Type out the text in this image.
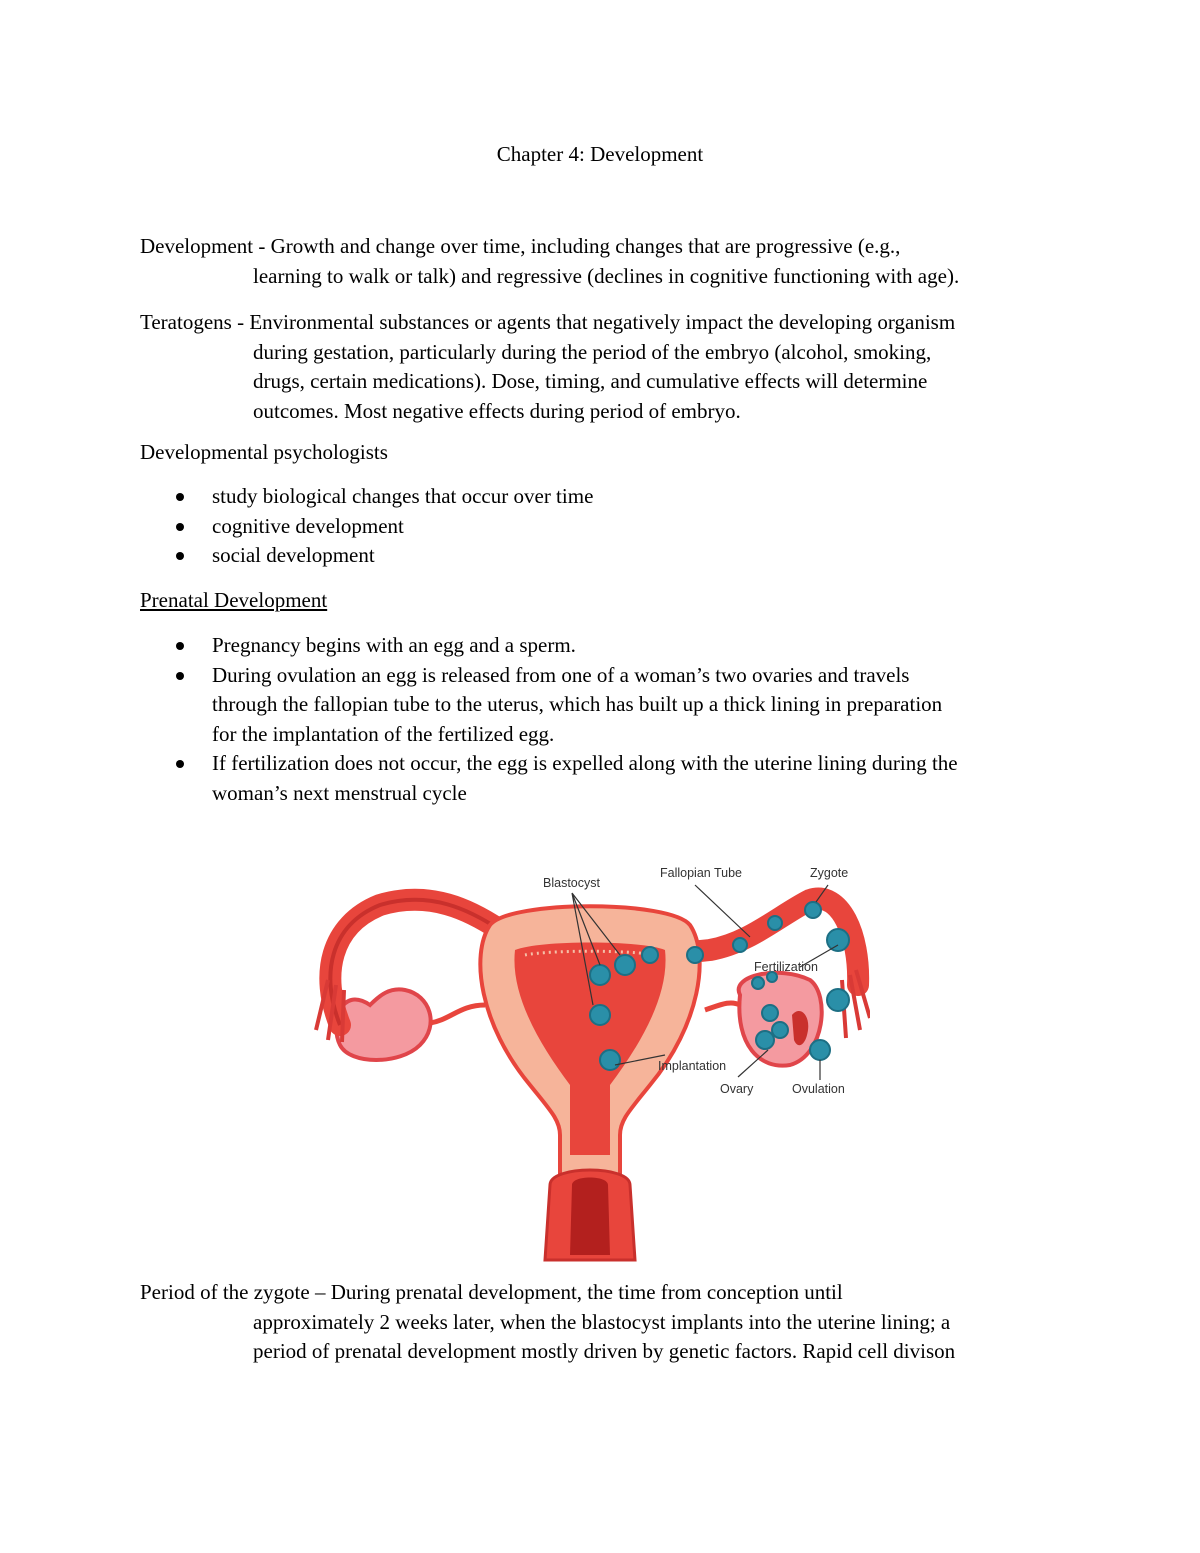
Chapter 4: Development
Development - Growth and change over time, including changes that are progressive (e.g.,
learning to walk or talk) and regressive (declines in cognitive functioning with age).
Teratogens - Environmental substances or agents that negatively impact the developing organism
during gestation, particularly during the period of the embryo (alcohol, smoking,
drugs, certain medications). Dose, timing, and cumulative effects will determine
outcomes. Most negative effects during period of embryo.
Developmental psychologists
study biological changes that occur over time
cognitive development
social development
Prenatal Development
Pregnancy begins with an egg and a sperm.
During ovulation an egg is released from one of a woman’s two ovaries and travels
through the fallopian tube to the uterus, which has built up a thick lining in preparation
for the implantation of the fertilized egg.
If fertilization does not occur, the egg is expelled along with the uterine lining during the
woman’s next menstrual cycle
Blastocyst
Fallopian Tube	Zygote
Fertilization
Implantation
Ovary	Ovulation
Period of the zygote – During prenatal development, the time from conception until
approximately 2 weeks later, when the blastocyst implants into the uterine lining; a
period of prenatal development mostly driven by genetic factors. Rapid cell divison
